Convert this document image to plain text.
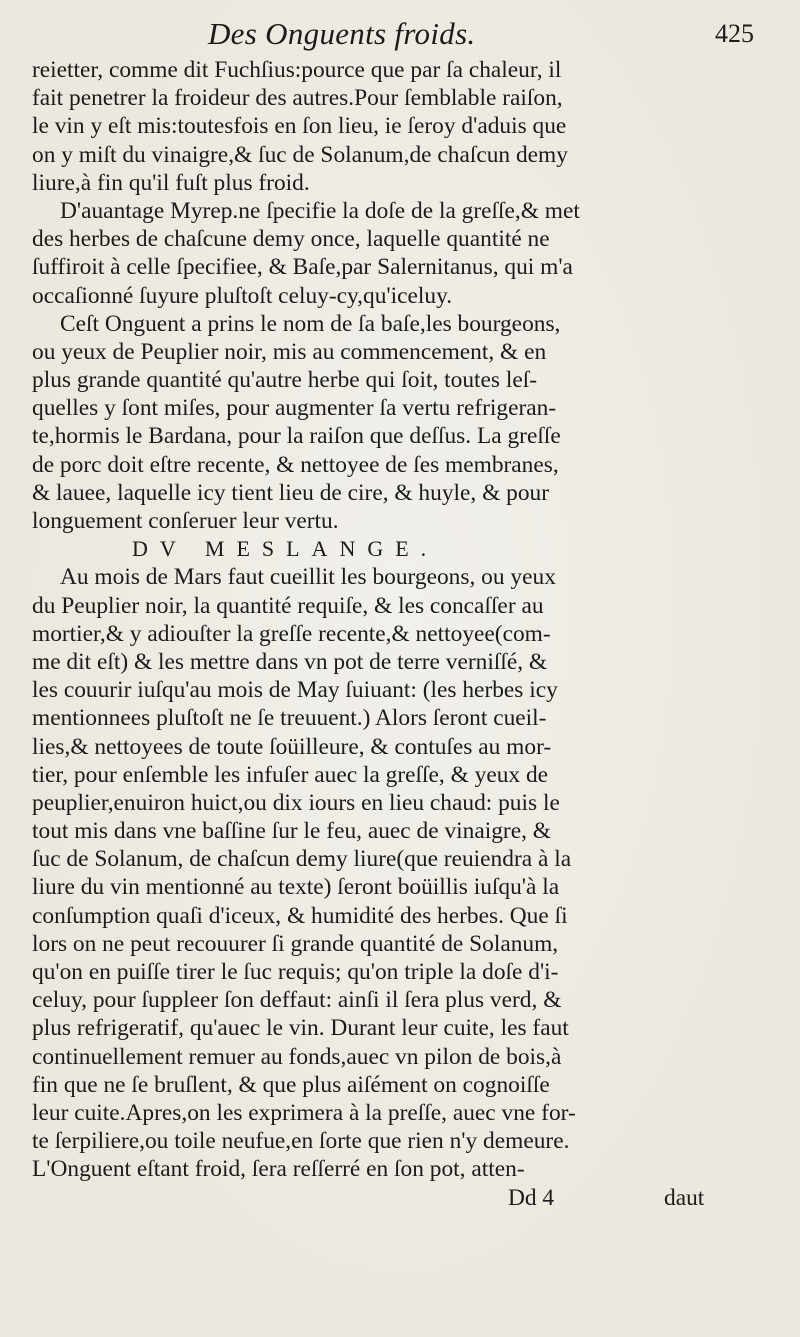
Des Onguents froids.	425
reietter, comme dit Fuchſius:pource que par ſa chaleur, il
fait penetrer la froideur des autres.Pour ſemblable raiſon,
le vin y eſt mis:toutesfois en ſon lieu, ie ſeroy d'aduis que
on y miſt du vinaigre,& ſuc de Solanum,de chaſcun demy
liure,à fin qu'il fuſt plus froid.
D'auantage Myrep.ne ſpecifie la doſe de la greſſe,& met
des herbes de chaſcune demy once, laquelle quantité ne
ſuffiroit à celle ſpecifiee, & Baſe,par Salernitanus, qui m'a
occaſionné ſuyure pluſtoſt celuy-cy,qu'iceluy.
Ceſt Onguent a prins le nom de ſa baſe,les bourgeons,
ou yeux de Peuplier noir, mis au commencement, & en
plus grande quantité qu'autre herbe qui ſoit, toutes leſ-
quelles y ſont miſes, pour augmenter ſa vertu refrigeran-
te,hormis le Bardana, pour la raiſon que deſſus. La greſſe
de porc doit eſtre recente, & nettoyee de ſes membranes,
& lauee, laquelle icy tient lieu de cire, & huyle, & pour
longuement conſeruer leur vertu.
DV MESLANGE.
Au mois de Mars faut cueillit les bourgeons, ou yeux
du Peuplier noir, la quantité requiſe, & les concaſſer au
mortier,& y adiouſter la greſſe recente,& nettoyee(com-
me dit eſt) & les mettre dans vn pot de terre verniſſé, &
les couurir iuſqu'au mois de May ſuiuant: (les herbes icy
mentionnees pluſtoſt ne ſe treuuent.) Alors ſeront cueil-
lies,& nettoyees de toute ſoüilleure, & contuſes au mor-
tier, pour enſemble les infuſer auec la greſſe, & yeux de
peuplier,enuiron huict,ou dix iours en lieu chaud: puis le
tout mis dans vne baſſine ſur le feu, auec de vinaigre, &
ſuc de Solanum, de chaſcun demy liure(que reuiendra à la
liure du vin mentionné au texte) ſeront boüillis iuſqu'à la
conſumption quaſi d'iceux, & humidité des herbes. Que ſi
lors on ne peut recouurer ſi grande quantité de Solanum,
qu'on en puiſſe tirer le ſuc requis; qu'on triple la doſe d'i-
celuy, pour ſuppleer ſon deffaut: ainſi il ſera plus verd, &
plus refrigeratif, qu'auec le vin. Durant leur cuite, les faut
continuellement remuer au fonds,auec vn pilon de bois,à
fin que ne ſe bruſlent, & que plus aiſément on cognoiſſe
leur cuite.Apres,on les exprimera à la preſſe, auec vne for-
te ſerpiliere,ou toile neufue,en ſorte que rien n'y demeure.
L'Onguent eſtant froid, ſera reſſerré en ſon pot, atten-
Dd 4	daut
